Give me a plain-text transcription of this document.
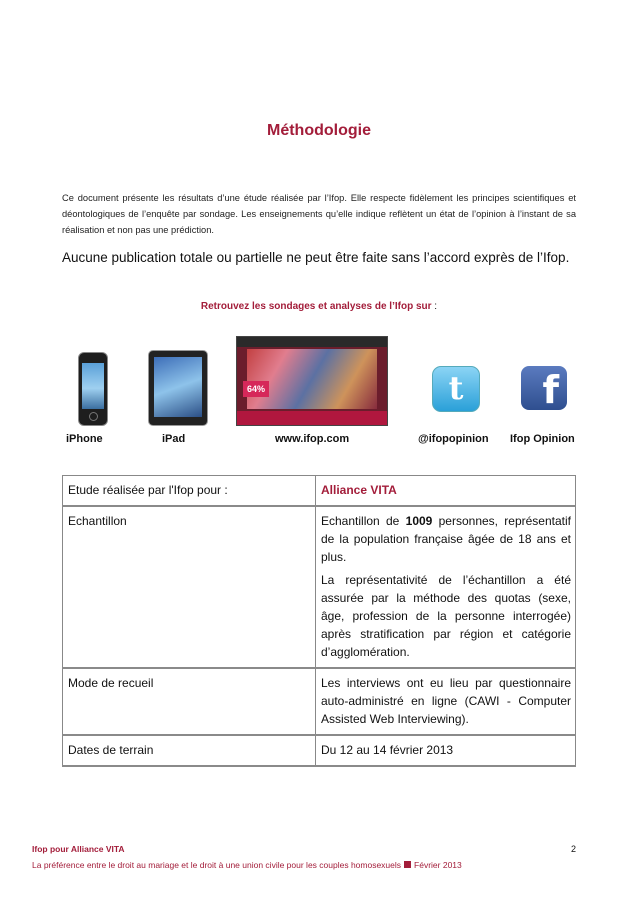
Méthodologie
Ce document présente les résultats d’une étude réalisée par l’Ifop. Elle respecte fidèlement les principes scientifiques et déontologiques de l’enquête par sondage. Les enseignements qu’elle indique reflètent un état de l’opinion à l’instant de sa réalisation et non pas une prédiction.
Aucune publication totale ou partielle ne peut être faite sans l’accord exprès de l’Ifop.
Retrouvez les sondages et analyses de l’Ifop sur :
64%	t	f
iPhone	iPad	www.ifop.com	@ifopopinion Ifop Opinion
Etude réalisée par l'Ifop pour :	Alliance VITA
Echantillon	Echantillon de 1009 personnes, représentatif de la population française âgée de 18 ans et plus.

La représentativité de l’échantillon a été assurée par la méthode des quotas (sexe, âge, profession de la personne interrogée) après stratification par région et catégorie d’agglomération.

Mode de recueil	Les interviews ont eu lieu par questionnaire auto-administré en ligne (CAWI - Computer Assisted Web Interviewing).
Dates de terrain	Du 12 au 14 février 2013
Ifop pour Alliance VITA	2
La préférence entre le droit au mariage et le droit à une union civile pour les couples homosexuels Février 2013
